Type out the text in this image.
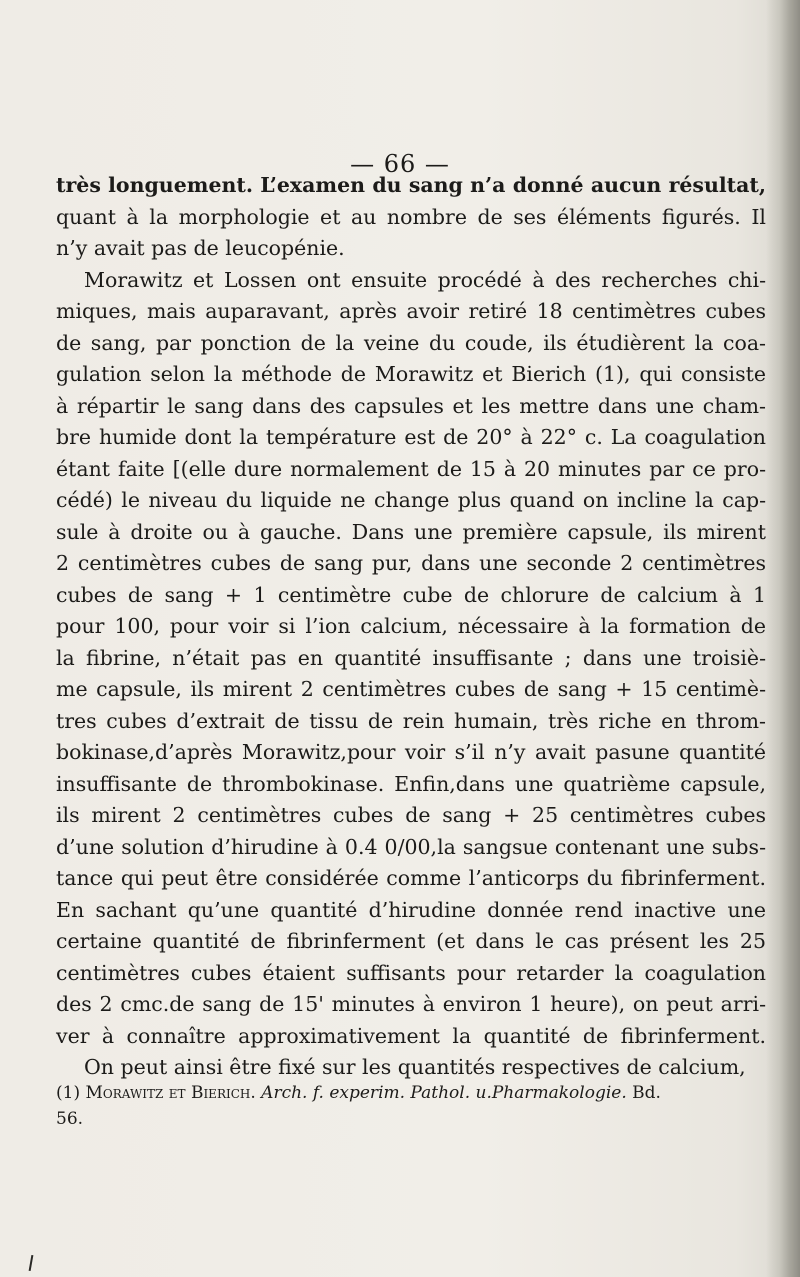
— 66 —
très longuement. L’examen du sang n’a donné aucun résultat,
quant à la morphologie et au nombre de ses éléments figurés. Il
n’y avait pas de leucopénie.
Morawitz et Lossen ont ensuite procédé à des recherches chi-
miques, mais auparavant, après avoir retiré 18 centimètres cubes
de sang, par ponction de la veine du coude, ils étudièrent la coa-
gulation selon la méthode de Morawitz et Bierich (1), qui consiste
à répartir le sang dans des capsules et les mettre dans une cham-
bre humide dont la température est de 20° à 22° c. La coagulation
étant faite [(elle dure normalement de 15 à 20 minutes par ce pro-
cédé) le niveau du liquide ne change plus quand on incline la cap-
sule à droite ou à gauche. Dans une première capsule, ils mirent
2 centimètres cubes de sang pur, dans une seconde 2 centimètres
cubes de sang + 1 centimètre cube de chlorure de calcium à 1
pour 100, pour voir si l’ion calcium, nécessaire à la formation de
la fibrine, n’était pas en quantité insuffisante ; dans une troisiè-
me capsule, ils mirent 2 centimètres cubes de sang + 15 centimè-
tres cubes d’extrait de tissu de rein humain, très riche en throm-
bokinase,d’après Morawitz,pour voir s’il n’y avait pasune quantité
insuffisante de thrombokinase. Enfin,dans une quatrième capsule,
ils mirent 2 centimètres cubes de sang + 25 centimètres cubes
d’une solution d’hirudine à 0.4 0/00,la sangsue contenant une subs-
tance qui peut être considérée comme l’anticorps du fibrinferment.
En sachant qu’une quantité d’hirudine donnée rend inactive une
certaine quantité de fibrinferment (et dans le cas présent les 25
centimètres cubes étaient suffisants pour retarder la coagulation
des 2 cmc.de sang de 15' minutes à environ 1 heure), on peut arri-
ver à connaître approximativement la quantité de fibrinferment.
On peut ainsi être fixé sur les quantités respectives de calcium,
(1) Morawitz et Bierich. Arch. f. experim. Pathol. u.Pharmakologie. Bd.
56.
